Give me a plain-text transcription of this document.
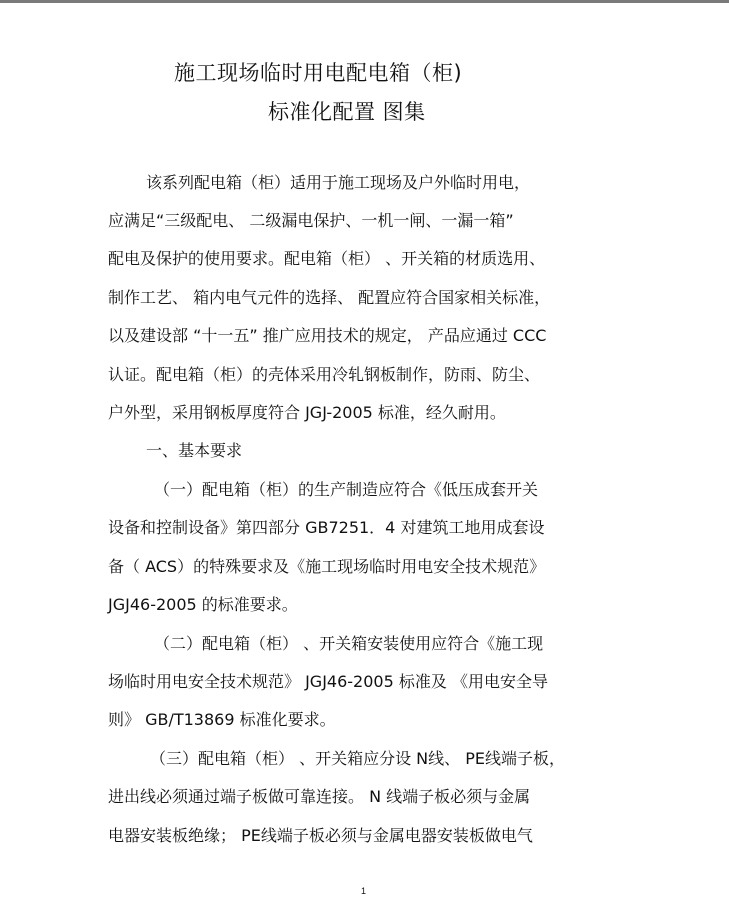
施工现场临时用电配电箱（柜)
标准化配置 图集
该系列配电箱（柜）适用于施工现场及户外临时用电，
应满足“三级配电、 二级漏电保护、一机一闸、一漏一箱”
配电及保护的使用要求。配电箱（柜） 、开关箱的材质选用、
制作工艺、 箱内电气元件的选择、 配置应符合国家相关标准，
以及建设部 “十一五” 推广应用技术的规定， 产品应通过 CCC
认证。配电箱（柜）的壳体采用冷轧钢板制作，防雨、防尘、
户外型，采用钢板厚度符合 JGJ-2005 标准，经久耐用。
一、基本要求
（一）配电箱（柜）的生产制造应符合《低压成套开关
设备和控制设备》第四部分 GB7251．4 对建筑工地用成套设
备（ ACS）的特殊要求及《施工现场临时用电安全技术规范》
JGJ46-2005 的标准要求。
（二）配电箱（柜） 、开关箱安装使用应符合《施工现
场临时用电安全技术规范》 JGJ46-2005 标准及 《用电安全导
则》 GB/T13869 标准化要求。
（三）配电箱（柜） 、开关箱应分设 N线、 PE线端子板，
进出线必须通过端子板做可靠连接。 N 线端子板必须与金属
电器安装板绝缘； PE线端子板必须与金属电器安装板做电气
1
